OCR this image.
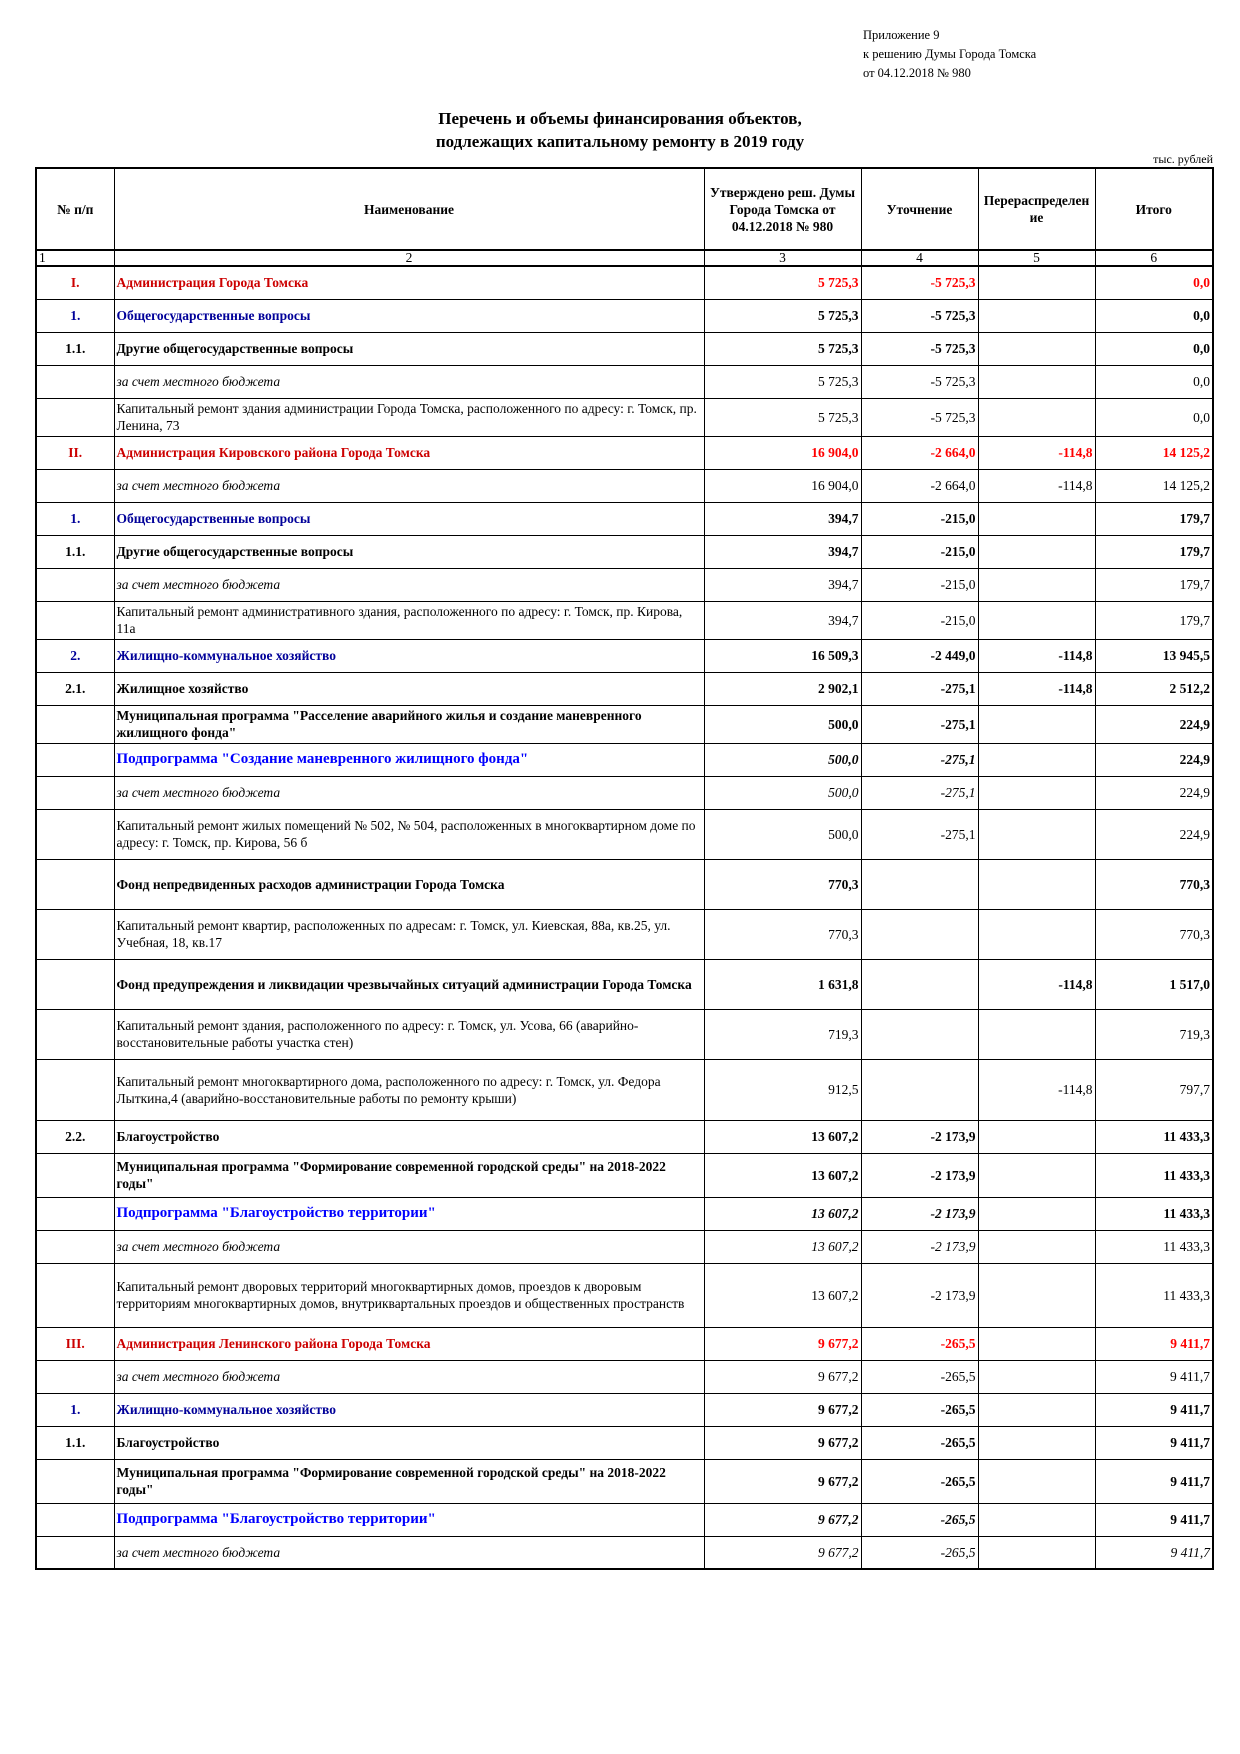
Приложение 9
к решению Думы Города Томска
от 04.12.2018 № 980
Перечень и объемы финансирования объектов,
подлежащих капитальному ремонту в 2019 году
тыс. рублей
№ п/п	Наименование	Утверждено реш. Думы Города Томска от 04.12.2018 № 980	Уточнение	Перераспределение	Итого
1	2	3	4	5	6
I.	Администрация Города Томска	5 725,3	-5 725,3		0,0
1.	Общегосударственные вопросы	5 725,3	-5 725,3		0,0
1.1.	Другие общегосударственные вопросы	5 725,3	-5 725,3		0,0
	за счет местного бюджета	5 725,3	-5 725,3		0,0
	Капитальный ремонт здания администрации Города Томска, расположенного по адресу: г. Томск, пр. Ленина, 73	5 725,3	-5 725,3		0,0
II.	Администрация Кировского района Города Томска	16 904,0	-2 664,0	-114,8	14 125,2
	за счет местного бюджета	16 904,0	-2 664,0	-114,8	14 125,2
1.	Общегосударственные вопросы	394,7	-215,0		179,7
1.1.	Другие общегосударственные вопросы	394,7	-215,0		179,7
	за счет местного бюджета	394,7	-215,0		179,7
	Капитальный ремонт административного здания, расположенного по адресу: г. Томск, пр. Кирова, 11а	394,7	-215,0		179,7
2.	Жилищно-коммунальное хозяйство	16 509,3	-2 449,0	-114,8	13 945,5
2.1.	Жилищное хозяйство	2 902,1	-275,1	-114,8	2 512,2
	Муниципальная программа "Расселение аварийного жилья и создание маневренного жилищного фонда"	500,0	-275,1		224,9
	Подпрограмма "Создание маневренного жилищного фонда"	500,0	-275,1		224,9
	за счет местного бюджета	500,0	-275,1		224,9
	Капитальный ремонт жилых помещений № 502, № 504, расположенных в многоквартирном доме по адресу: г. Томск, пр. Кирова, 56 б	500,0	-275,1		224,9
	Фонд непредвиденных расходов администрации Города Томска	770,3			770,3
	Капитальный ремонт квартир, расположенных по адресам: г. Томск, ул. Киевская, 88а, кв.25, ул. Учебная, 18, кв.17	770,3			770,3
	Фонд предупреждения и ликвидации чрезвычайных ситуаций администрации Города Томска	1 631,8		-114,8	1 517,0
	Капитальный ремонт здания, расположенного по адресу: г. Томск, ул. Усова, 66 (аварийно-восстановительные работы участка стен)	719,3			719,3
	Капитальный ремонт многоквартирного дома, расположенного по адресу: г. Томск, ул. Федора Лыткина,4 (аварийно-восстановительные работы по ремонту крыши)	912,5		-114,8	797,7
2.2.	Благоустройство	13 607,2	-2 173,9		11 433,3
	Муниципальная программа "Формирование современной городской среды" на 2018-2022 годы"	13 607,2	-2 173,9		11 433,3
	Подпрограмма "Благоустройство территории"	13 607,2	-2 173,9		11 433,3
	за счет местного бюджета	13 607,2	-2 173,9		11 433,3
	Капитальный ремонт дворовых территорий многоквартирных домов, проездов к дворовым территориям многоквартирных домов, внутриквартальных проездов и общественных пространств	13 607,2	-2 173,9		11 433,3
III.	Администрация Ленинского района Города Томска	9 677,2	-265,5		9 411,7
	за счет местного бюджета	9 677,2	-265,5		9 411,7
1.	Жилищно-коммунальное хозяйство	9 677,2	-265,5		9 411,7
1.1.	Благоустройство	9 677,2	-265,5		9 411,7
	Муниципальная программа "Формирование современной городской среды" на 2018-2022 годы"	9 677,2	-265,5		9 411,7
	Подпрограмма "Благоустройство территории"	9 677,2	-265,5		9 411,7
	за счет местного бюджета	9 677,2	-265,5		9 411,7
